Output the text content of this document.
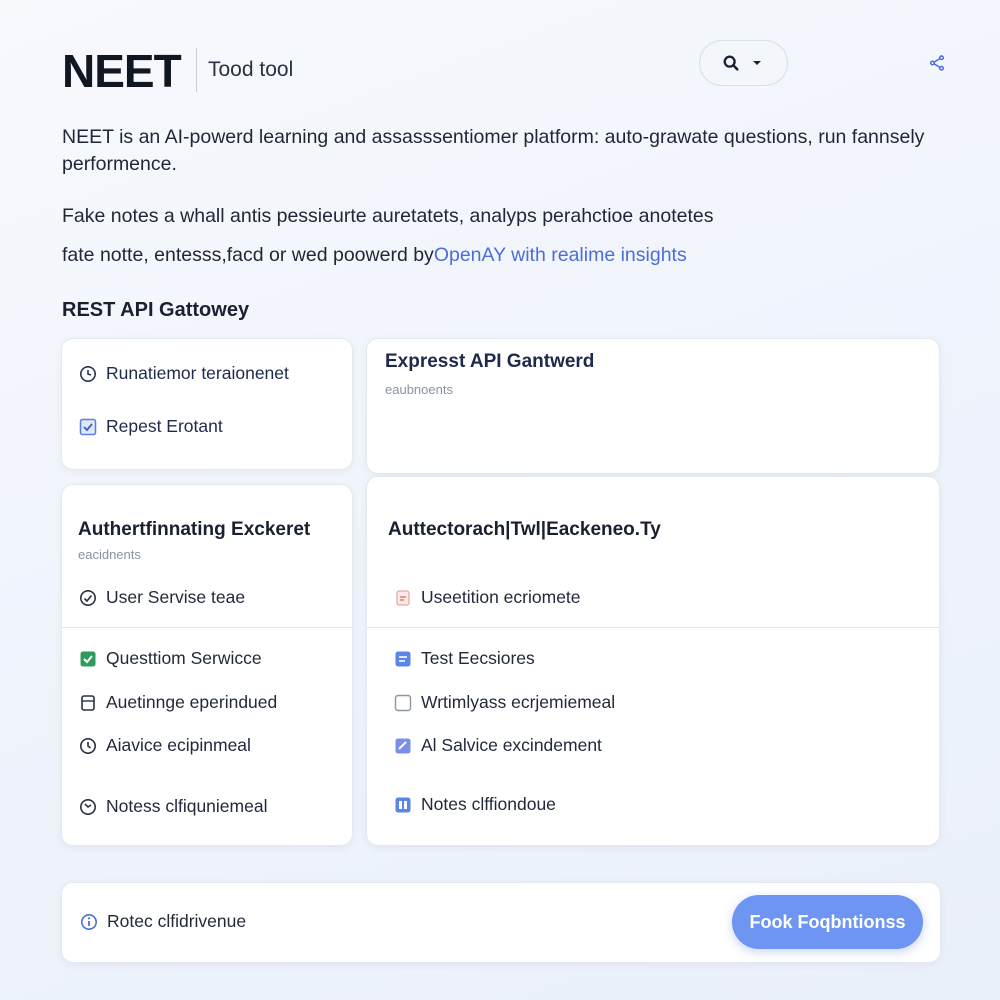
NEET Tood tool
NEET is an AI-powerd learning and assasssentiomer platform: auto-grawate questions, run fannsely performence.
Fake notes a whall antis pessieurte auretatets, analyps perahctioe anotetes
fate notte, entesss,facd or wed poowerd byOpenAY with realime insights
REST API Gattowey
Runatiemor teraionenet
Repest Erotant
Expresst API Gantwerd
eaubnoents
Authertfinnating Exckeret
eacidnents
User Servise teae
Questtiom Serwicce
Auetinnge eperindued
Aiavice ecipinmeal
Notess clfiquniemeal
Auttectorach|Twl|Eackeneo.Ty
Useetition ecriomete
Test Eecsiores
Wrtimlyass ecrjemiemeal
Al Salvice excindement
Notes clffiondoue
Rotec clfidrivenue	Fook Foqbntionss
